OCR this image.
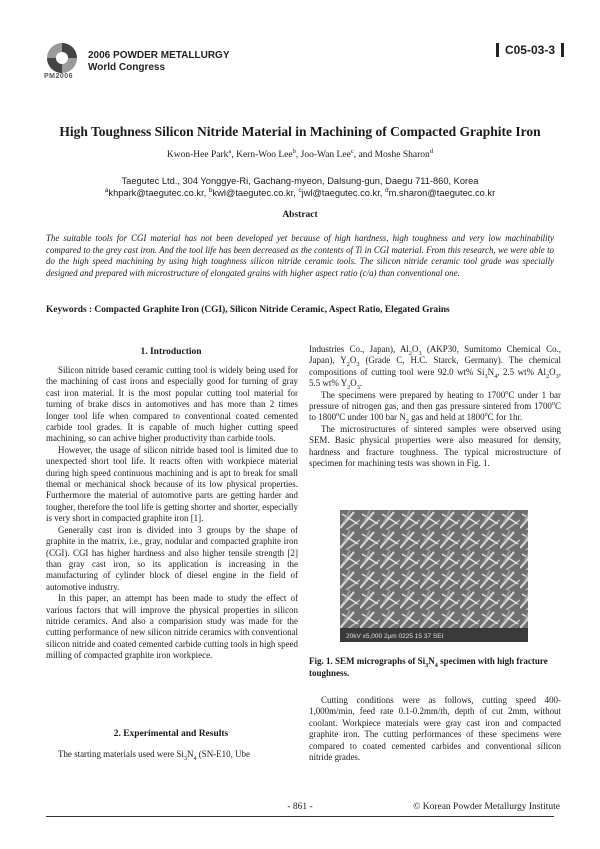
PM2006
2006 POWDER METALLURGY
World Congress
C05-03-3
High Toughness Silicon Nitride Material in Machining of Compacted Graphite Iron
Kwon-Hee Park$^a$, Kern-Woo Lee$^b$, Joo-Wan Lee$^c$, and Moshe Sharon$^d$
Taegutec Ltd., 304 Yonggye-Ri, Gachang-myeon, Dalsung-gun, Daegu 711-860, Korea
$^a$khpark@taegutec.co.kr, $^b$kwl@taegutec.co.kr, $^c$jwl@taegutec.co.kr, $^d$m.sharon@taegutec.co.kr
Abstract
The suitable tools for CGI material has not been developed yet because of high hardness, high toughness and very low machinability compared to the grey cast iron. And the tool life has been decreased as the contents of Ti in CGI material. From this research, we were able to do the high speed machining by using high toughness silicon nitride ceramic tools. The silicon nitride ceramic tool grade was specially designed and prepared with microstructure of elongated grains with higher aspect ratio (c/a) than conventional one.
Keywords : Compacted Graphite Iron (CGI), Silicon Nitride Ceramic, Aspect Ratio, Elegated Grains
1. Introduction

Silicon nitride based ceramic cutting tool is widely being used for the machining of cast irons and especially good for turning of gray cast iron material. It is the most popular cutting tool material for turning of brake discs in automotives and has more than 2 times longer tool life when compared to conventional coated cemented carbide tool grades. It is capable of much higher cutting speed machining, so can achive higher productivity than carbide tools.

However, the usage of silicon nitride based tool is limited due to unexpected short tool life. It reacts often with workpiece material during high speed continuous machining and is apt to break for small themal or mechanical shock because of its low physical properties. Furthermore the material of automotive parts are getting harder and tougher, therefore the tool life is getting shorter and shorter, especially is very short in compacted graphite iron [1].

Generally cast iron is divided into 3 groups by the shape of graphite in the matrix, i.e., gray, nodular and compacted graphite iron (CGI). CGI has higher hardness and also higher tensile strength [2] than gray cast iron, so its application is increasing in the manufacturing of cylinder block of diesel engine in the field of automotive industry.

In this paper, an attempt has been made to study the effect of various factors that will improve the physical properties in silicon nitride ceramics. And also a comparision study was made for the cutting performance of new silicon nitride ceramics with conventional silicon nitride and coated cemented carbide cutting tools in high speed milling of compacted graphite iron workpiece.

2. Experimental and Results

The starting materials used were $Si_3N_4$ (SN-E10, Ube

Industries Co., Japan), $Al_2O_3$ (AKP30, Sumitomo Chemical Co., Japan), $Y_2O_3$ (Grade C, H.C. Starck, Germany). The chemical compositions of cutting tool were 92.0 wt% $Si_3N_4$, 2.5 wt% $Al_2O_3$, 5.5 wt% $Y_2O_3$.

The specimens were prepared by heating to 1700$^o$C under 1 bar pressure of nitrogen gas, and then gas pressure sintered from 1700$^o$C to 1800$^o$C under 100 bar $N_2$ gas and held at 1800$^o$C for 1hr.

The microstructures of sintered samples were observed using SEM. Basic physical properties were also measured for density, hardness and fracture toughness. The typical microstructure of specimen for machining tests was shown in Fig. 1.

20kV x5,000 2µm 0225 15 37 SEI
Fig. 1. SEM micrographs of $Si_3N_4$ specimen with high fracture toughness.

Cutting conditions were as follows, cutting speed 400-1,000m/min, feed rate 0.1-0.2mm/th, depth of cut 2mm, without coolant. Workpiece materials were gray cast iron and compacted graphite iron. The cutting performances of these specimens were compared to coated cemented carbides and conventional silicon nitride grades.

- 861 -	© Korean Powder Metallurgy Institute
